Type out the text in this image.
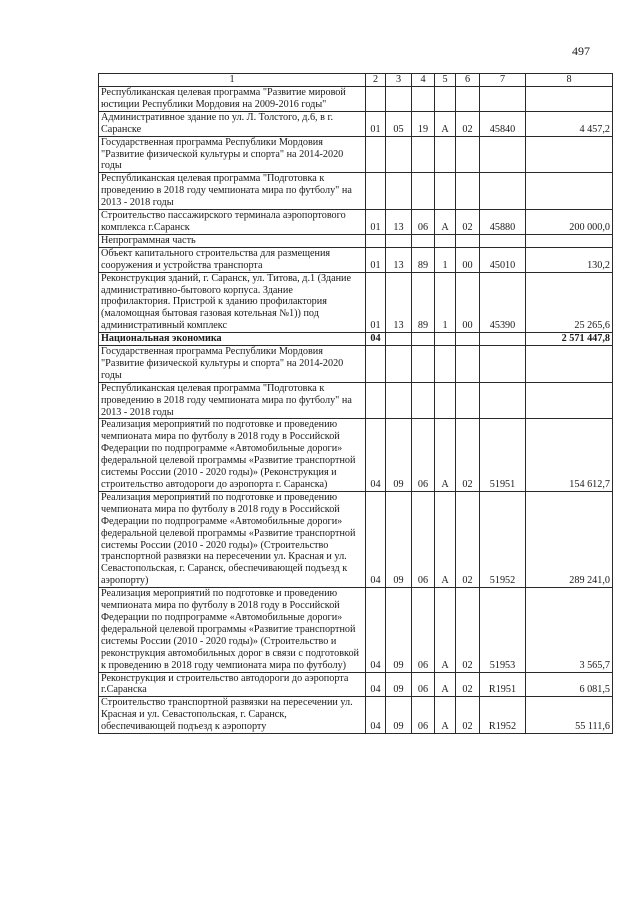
497
1	2	3	4	5	6	7	8
Республиканская целевая программа "Развитие мировой юстиции Республики Мордовия на 2009-2016 годы"							
Административное здание по ул. Л. Толстого, д.6, в г. Саранске	01	05	19	А	02	45840	4 457,2
Государственная программа Республики Мордовия "Развитие физической культуры и спорта" на 2014-2020 годы							
Республиканская целевая программа "Подготовка к проведению в 2018 году чемпионата мира по футболу" на 2013 - 2018 годы							
Строительство пассажирского терминала аэропортового комплекса г.Саранск	01	13	06	А	02	45880	200 000,0
Непрограммная часть							
Объект капитального строительства для размещения сооружения и устройства транспорта	01	13	89	1	00	45010	130,2
Реконструкция зданий, г. Саранск, ул. Титова, д.1 (Здание административно-бытового корпуса. Здание профилактория. Пристрой к зданию профилактория (маломощная бытовая газовая котельная №1)) под административный комплекс	01	13	89	1	00	45390	25 265,6
Национальная экономика	04						2 571 447,8
Государственная программа Республики Мордовия "Развитие физической культуры и спорта" на 2014-2020 годы							
Республиканская целевая программа "Подготовка к проведению в 2018 году чемпионата мира по футболу" на 2013 - 2018 годы							
Реализация мероприятий по подготовке и проведению чемпионата мира по футболу в 2018 году в Российской Федерации по подпрограмме «Автомобильные дороги» федеральной целевой программы «Развитие транспортной системы России (2010 - 2020 годы)» (Реконструкция и строительство автодороги до аэропорта г. Саранска)	04	09	06	А	02	51951	154 612,7
Реализация мероприятий по подготовке и проведению чемпионата мира по футболу в 2018 году в Российской Федерации по подпрограмме «Автомобильные дороги» федеральной целевой программы «Развитие транспортной системы России (2010 - 2020 годы)» (Строительство транспортной развязки на пересечении ул. Красная и ул. Севастопольская, г. Саранск, обеспечивающей подъезд к аэропорту)	04	09	06	А	02	51952	289 241,0
Реализация мероприятий по подготовке и проведению чемпионата мира по футболу в 2018 году в Российской Федерации по подпрограмме «Автомобильные дороги» федеральной целевой программы «Развитие транспортной системы России (2010 - 2020 годы)» (Строительство и реконструкция автомобильных дорог в связи с подготовкой к проведению в 2018 году чемпионата мира по футболу)	04	09	06	А	02	51953	3 565,7
Реконструкция и строительство автодороги до аэропорта г.Саранска	04	09	06	А	02	R1951	6 081,5
Строительство транспортной развязки на пересечении ул. Красная и ул. Севастопольская, г. Саранск, обеспечивающей подъезд к аэропорту	04	09	06	А	02	R1952	55 111,6
